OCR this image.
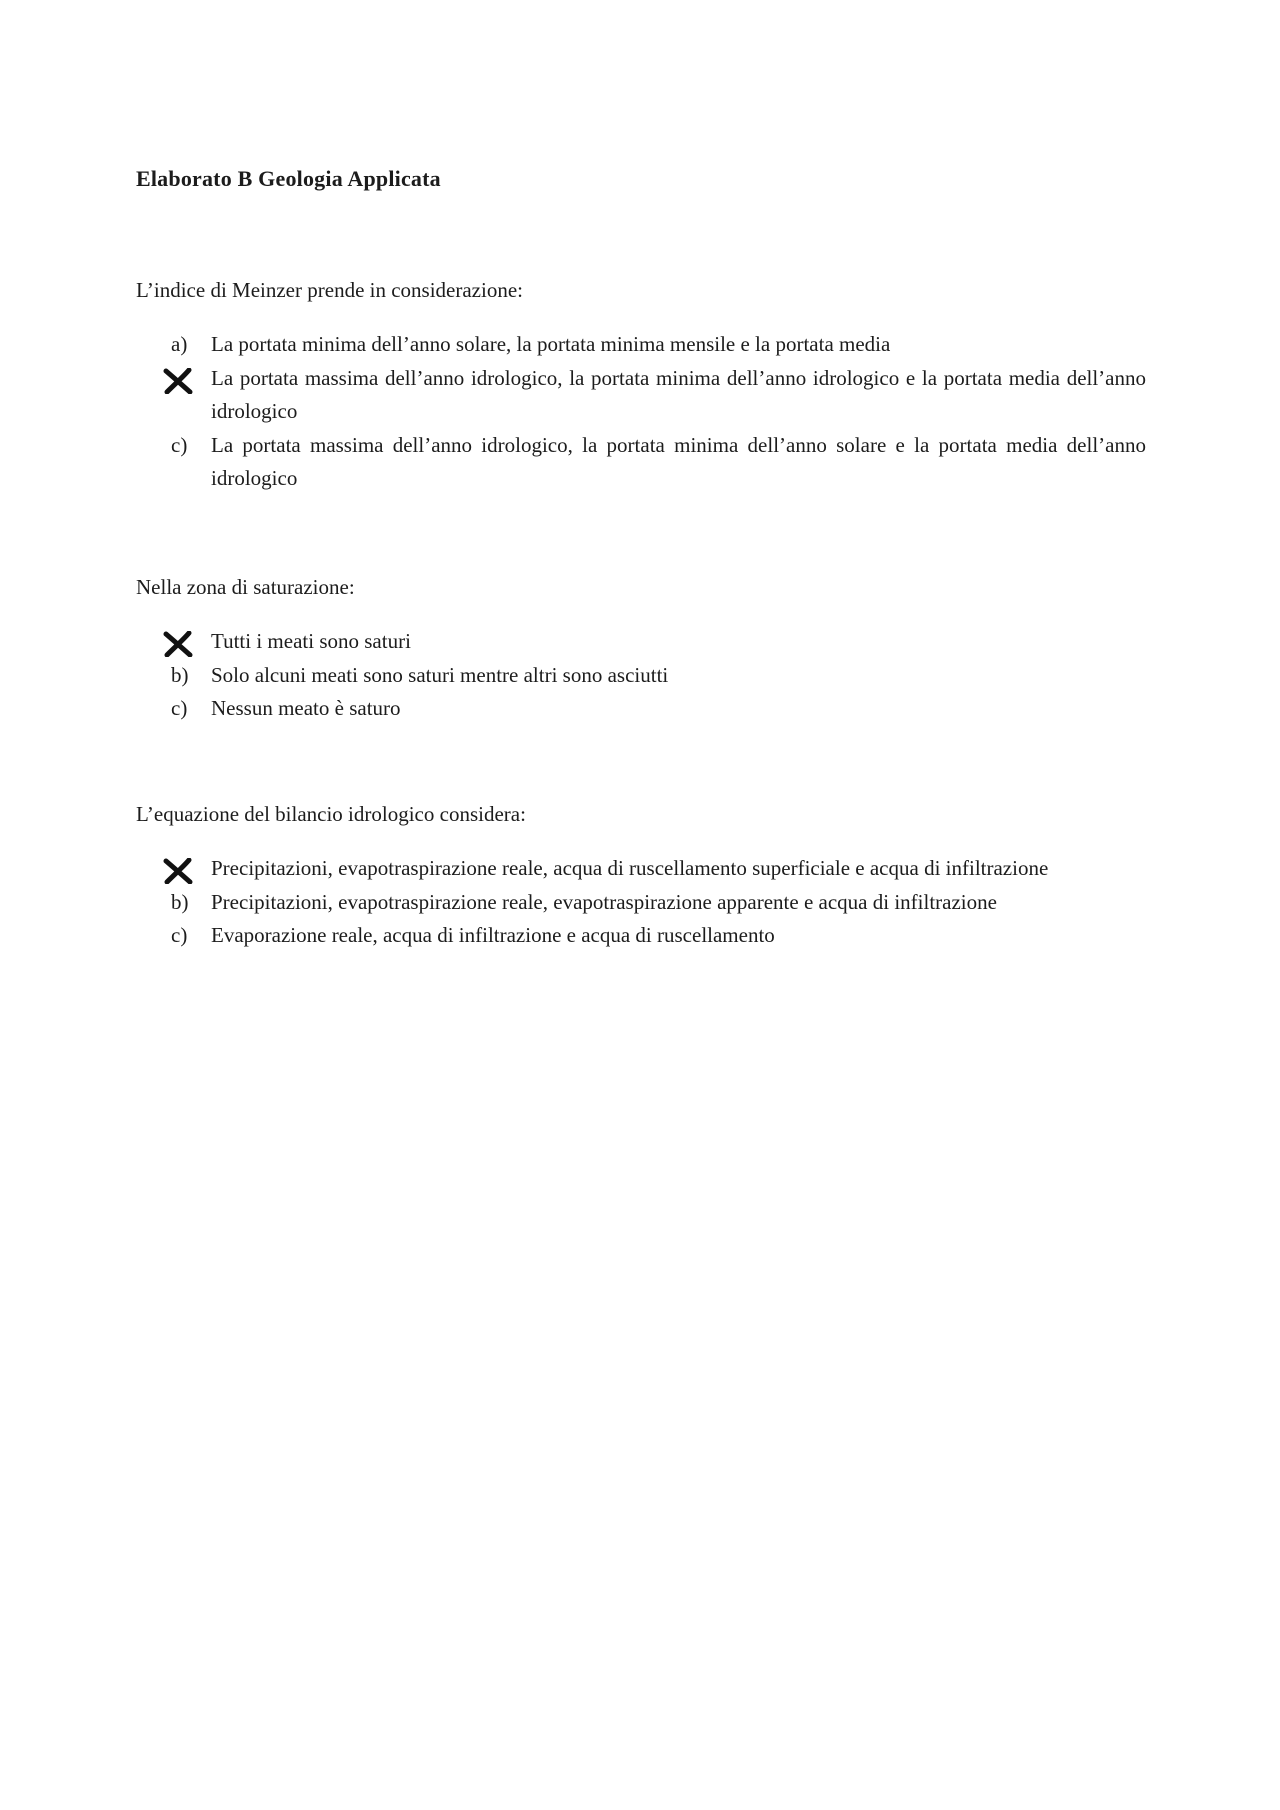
Elaborato B Geologia Applicata

L’indice di Meinzer prende in considerazione:

a)	La portata minima dell’anno solare, la portata minima mensile e la portata media
La portata massima dell’anno idrologico, la portata minima dell’anno idrologico e la portata media dell’anno idrologico
c)	La portata massima dell’anno idrologico, la portata minima dell’anno solare e la portata media dell’anno idrologico

Nella zona di saturazione:

Tutti i meati sono saturi
b)	Solo alcuni meati sono saturi mentre altri sono asciutti
c)	Nessun meato è saturo

L’equazione del bilancio idrologico considera:

Precipitazioni, evapotraspirazione reale, acqua di ruscellamento superficiale e acqua di infiltrazione
b)	Precipitazioni, evapotraspirazione reale, evapotraspirazione apparente e acqua di infiltrazione
c)	Evaporazione reale, acqua di infiltrazione e acqua di ruscellamento
